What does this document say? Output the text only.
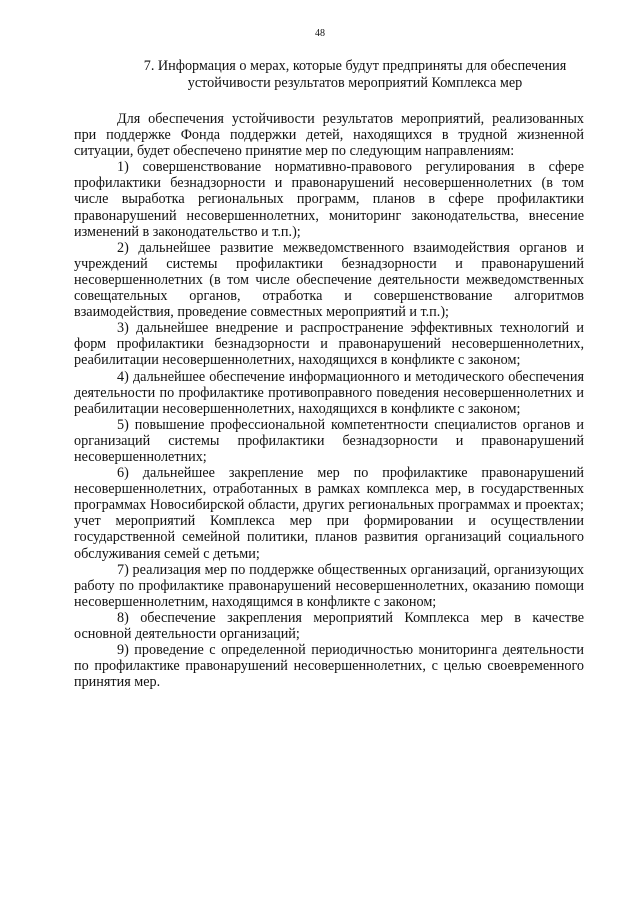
48
7. Информация о мерах, которые будут предприняты для обеспечения
устойчивости результатов мероприятий Комплекса мер

Для обеспечения устойчивости результатов мероприятий, реализованных при поддержке Фонда поддержки детей, находящихся в трудной жизненной ситуации, будет обеспечено принятие мер по следующим направлениям:

1) совершенствование нормативно-правового регулирования в сфере профилактики безнадзорности и правонарушений несовершеннолетних (в том числе выработка региональных программ, планов в сфере профилактики правонарушений несовершеннолетних, мониторинг законодательства, внесение изменений в законодательство и т.п.);

2) дальнейшее развитие межведомственного взаимодействия органов и учреждений системы профилактики безнадзорности и правонарушений несовершеннолетних (в том числе обеспечение деятельности межведомственных совещательных органов, отработка и совершенствование алгоритмов взаимодействия, проведение совместных мероприятий и т.п.);

3) дальнейшее внедрение и распространение эффективных технологий и форм профилактики безнадзорности и правонарушений несовершеннолетних, реабилитации несовершеннолетних, находящихся в конфликте с законом;

4) дальнейшее обеспечение информационного и методического обеспечения деятельности по профилактике противоправного поведения несовершеннолетних и реабилитации несовершеннолетних, находящихся в конфликте с законом;

5) повышение профессиональной компетентности специалистов органов и организаций системы профилактики безнадзорности и правонарушений несовершеннолетних;

6) дальнейшее закрепление мер по профилактике правонарушений несовершеннолетних, отработанных в рамках комплекса мер, в государственных программах Новосибирской области, других региональных программах и проектах; учет мероприятий Комплекса мер при формировании и осуществлении государственной семейной политики, планов развития организаций социального обслуживания семей с детьми;

7) реализация мер по поддержке общественных организаций, организующих работу по профилактике правонарушений несовершеннолетних, оказанию помощи несовершеннолетним, находящимся в конфликте с законом;

8) обеспечение закрепления мероприятий Комплекса мер в качестве основной деятельности организаций;

9) проведение с определенной периодичностью мониторинга деятельности по профилактике правонарушений несовершеннолетних, с целью своевременного принятия мер.
